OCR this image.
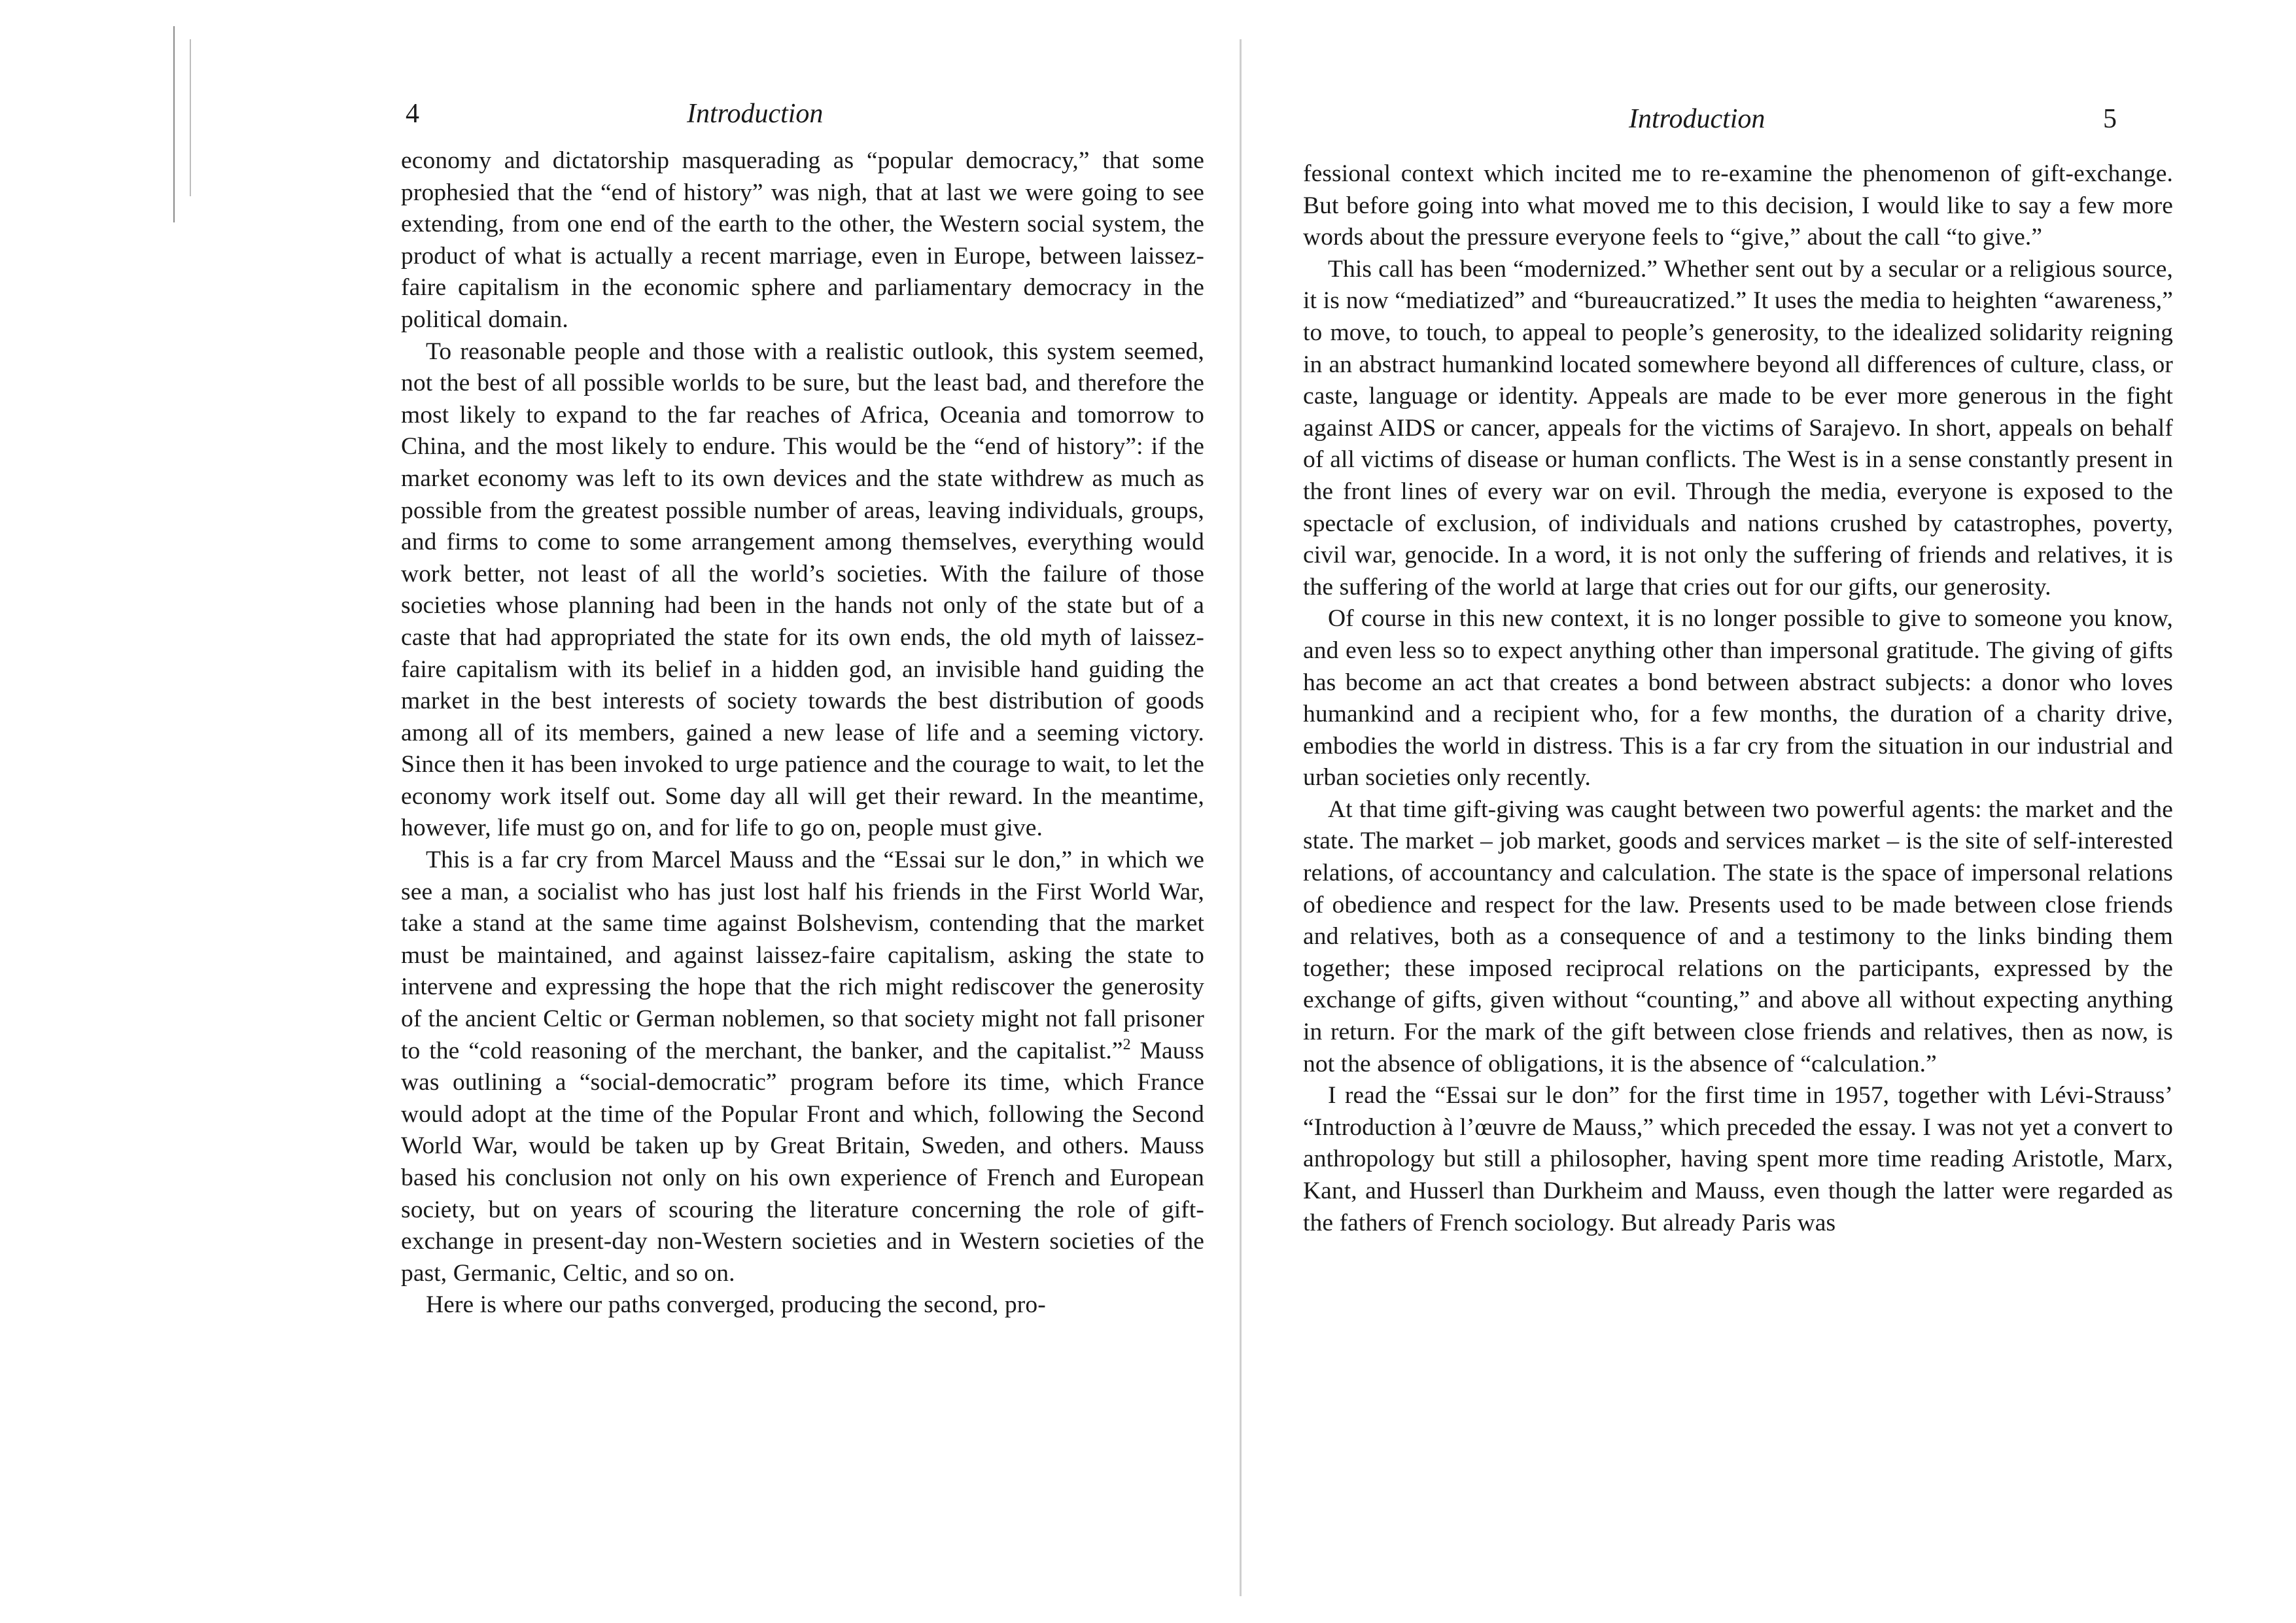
4	Introduction

economy and dictatorship masquerading as “popular democracy,” that some prophesied that the “end of history” was nigh, that at last we were going to see extending, from one end of the earth to the other, the Western social system, the product of what is actually a recent marriage, even in Europe, between laissez-faire capitalism in the economic sphere and parliamentary democracy in the political domain.

To reasonable people and those with a realistic outlook, this system seemed, not the best of all possible worlds to be sure, but the least bad, and therefore the most likely to expand to the far reaches of Africa, Oceania and tomorrow to China, and the most likely to endure. This would be the “end of history”: if the market economy was left to its own devices and the state withdrew as much as possible from the greatest possible number of areas, leaving individuals, groups, and firms to come to some arrangement among themselves, everything would work better, not least of all the world’s societies. With the failure of those societies whose planning had been in the hands not only of the state but of a caste that had appropriated the state for its own ends, the old myth of laissez-faire capitalism with its belief in a hidden god, an invisible hand guiding the market in the best interests of society towards the best distribution of goods among all of its members, gained a new lease of life and a seeming victory. Since then it has been invoked to urge patience and the courage to wait, to let the economy work itself out. Some day all will get their reward. In the meantime, however, life must go on, and for life to go on, people must give.

This is a far cry from Marcel Mauss and the “Essai sur le don,” in which we see a man, a socialist who has just lost half his friends in the First World War, take a stand at the same time against Bolshevism, contending that the market must be maintained, and against laissez-faire capitalism, asking the state to intervene and expressing the hope that the rich might rediscover the generosity of the ancient Celtic or German noblemen, so that society might not fall prisoner to the “cold reasoning of the merchant, the banker, and the capitalist.”$^2$ Mauss was outlining a “social-democratic” program before its time, which France would adopt at the time of the Popular Front and which, following the Second World War, would be taken up by Great Britain, Sweden, and others. Mauss based his conclusion not only on his own experience of French and European society, but on years of scouring the literature concerning the role of gift-exchange in present-day non-Western societies and in Western societies of the past, Germanic, Celtic, and so on.

Here is where our paths converged, producing the second, pro-

Introduction	5

fessional context which incited me to re-examine the phenomenon of gift-exchange. But before going into what moved me to this decision, I would like to say a few more words about the pressure everyone feels to “give,” about the call “to give.”

This call has been “modernized.” Whether sent out by a secular or a religious source, it is now “mediatized” and “bureaucratized.” It uses the media to heighten “awareness,” to move, to touch, to appeal to people’s generosity, to the idealized solidarity reigning in an abstract humankind located somewhere beyond all differences of culture, class, or caste, language or identity. Appeals are made to be ever more generous in the fight against AIDS or cancer, appeals for the victims of Sarajevo. In short, appeals on behalf of all victims of disease or human conflicts. The West is in a sense constantly present in the front lines of every war on evil. Through the media, everyone is exposed to the spectacle of exclusion, of individuals and nations crushed by catastrophes, poverty, civil war, genocide. In a word, it is not only the suffering of friends and relatives, it is the suffering of the world at large that cries out for our gifts, our generosity.

Of course in this new context, it is no longer possible to give to someone you know, and even less so to expect anything other than impersonal gratitude. The giving of gifts has become an act that creates a bond between abstract subjects: a donor who loves humankind and a recipient who, for a few months, the duration of a charity drive, embodies the world in distress. This is a far cry from the situation in our industrial and urban societies only recently.

At that time gift-giving was caught between two powerful agents: the market and the state. The market – job market, goods and services market – is the site of self-interested relations, of accountancy and calculation. The state is the space of impersonal relations of obedience and respect for the law. Presents used to be made between close friends and relatives, both as a consequence of and a testimony to the links binding them together; these imposed reciprocal relations on the participants, expressed by the exchange of gifts, given without “counting,” and above all without expecting anything in return. For the mark of the gift between close friends and relatives, then as now, is not the absence of obligations, it is the absence of “calculation.”

I read the “Essai sur le don” for the first time in 1957, together with Lévi-Strauss’ “Introduction à l’œuvre de Mauss,” which preceded the essay. I was not yet a convert to anthropology but still a philosopher, having spent more time reading Aristotle, Marx, Kant, and Husserl than Durkheim and Mauss, even though the latter were regarded as the fathers of French sociology. But already Paris was
